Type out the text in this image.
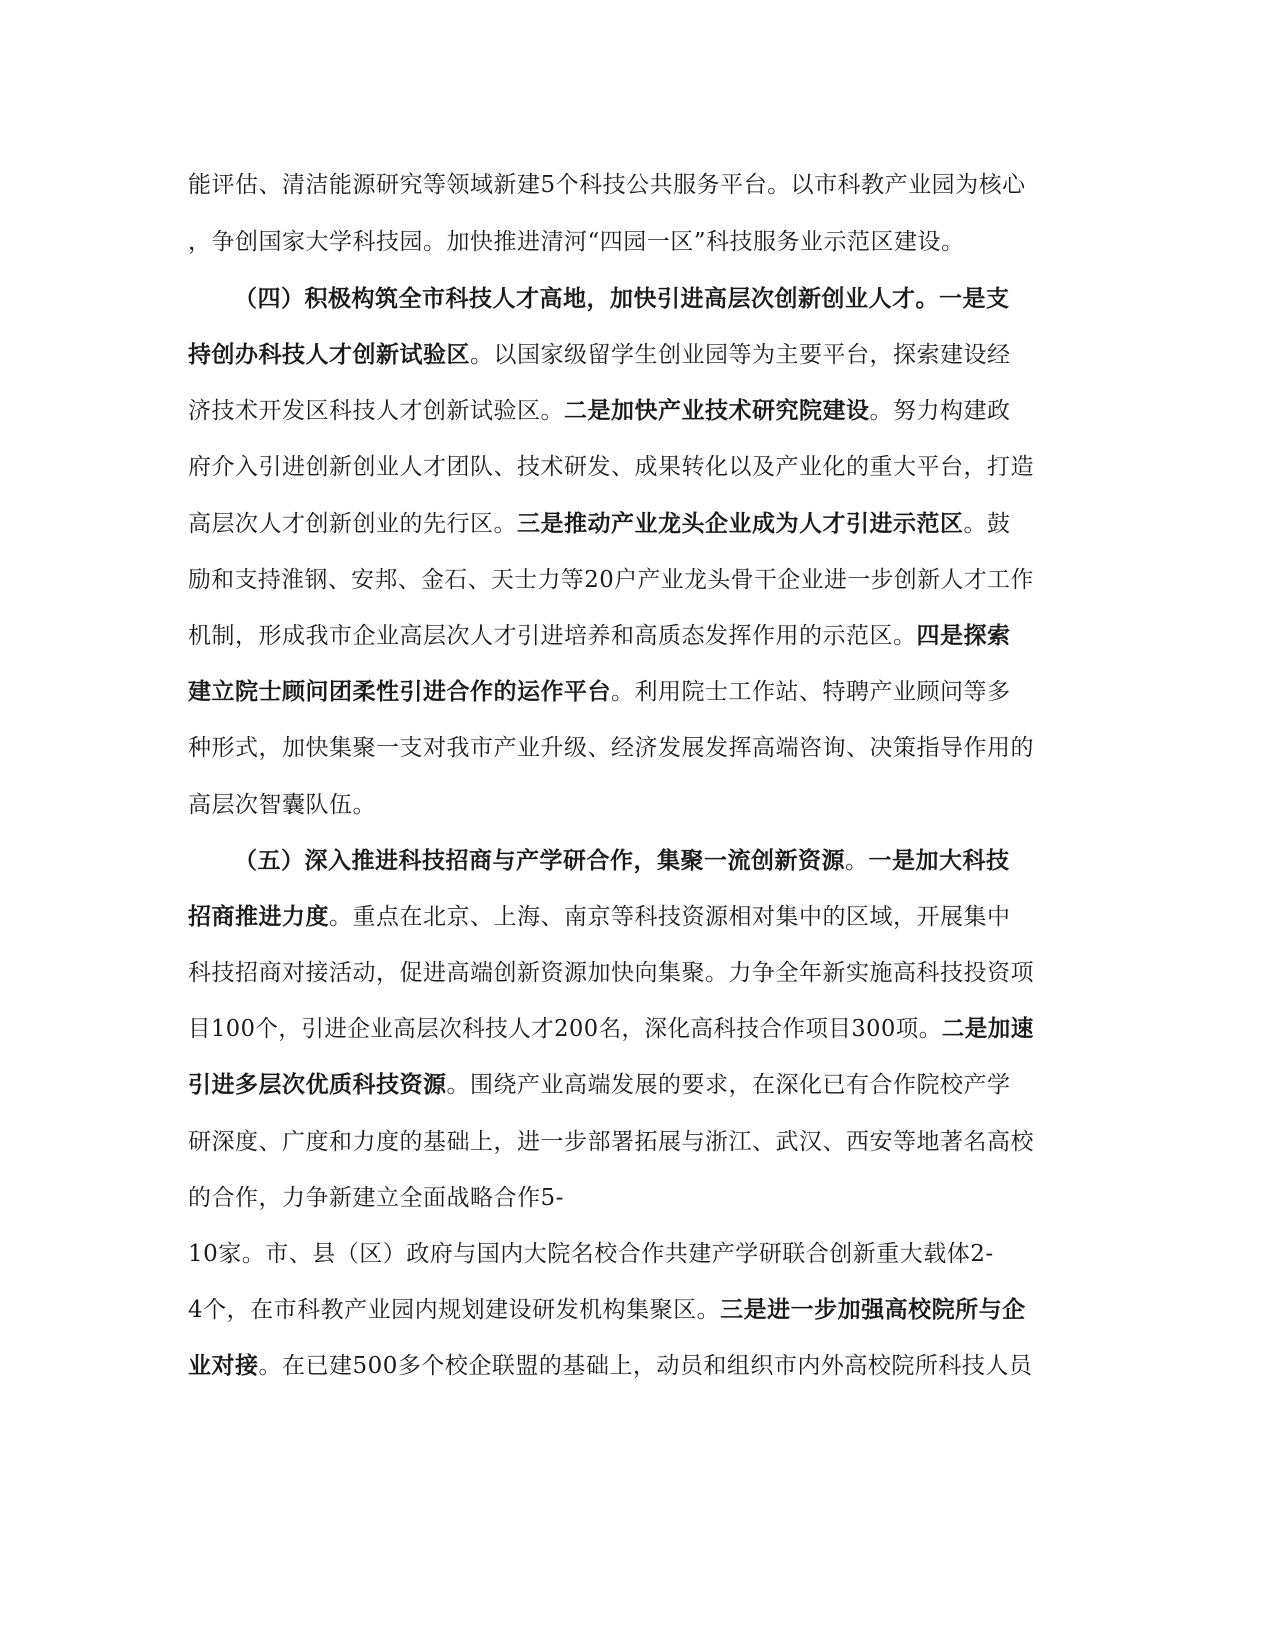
能评估、清洁能源研究等领域新建5个科技公共服务平台。以市科教产业园为核心
，争创国家大学科技园。加快推进清河“四园一区”科技服务业示范区建设。
（四）积极构筑全市科技人才高地，加快引进高层次创新创业人才。一是支
持创办科技人才创新试验区。以国家级留学生创业园等为主要平台，探索建设经
济技术开发区科技人才创新试验区。二是加快产业技术研究院建设。努力构建政
府介入引进创新创业人才团队、技术研发、成果转化以及产业化的重大平台，打造
高层次人才创新创业的先行区。三是推动产业龙头企业成为人才引进示范区。鼓
励和支持淮钢、安邦、金石、天士力等20户产业龙头骨干企业进一步创新人才工作
机制，形成我市企业高层次人才引进培养和高质态发挥作用的示范区。四是探索
建立院士顾问团柔性引进合作的运作平台。利用院士工作站、特聘产业顾问等多
种形式，加快集聚一支对我市产业升级、经济发展发挥高端咨询、决策指导作用的
高层次智囊队伍。
（五）深入推进科技招商与产学研合作，集聚一流创新资源。一是加大科技
招商推进力度。重点在北京、上海、南京等科技资源相对集中的区域，开展集中
科技招商对接活动，促进高端创新资源加快向集聚。力争全年新实施高科技投资项
目100个，引进企业高层次科技人才200名，深化高科技合作项目300项。二是加速
引进多层次优质科技资源。围绕产业高端发展的要求，在深化已有合作院校产学
研深度、广度和力度的基础上，进一步部署拓展与浙江、武汉、西安等地著名高校
的合作，力争新建立全面战略合作5-
10家。市、县（区）政府与国内大院名校合作共建产学研联合创新重大载体2-
4个，在市科教产业园内规划建设研发机构集聚区。三是进一步加强高校院所与企
业对接。在已建500多个校企联盟的基础上，动员和组织市内外高校院所科技人员
